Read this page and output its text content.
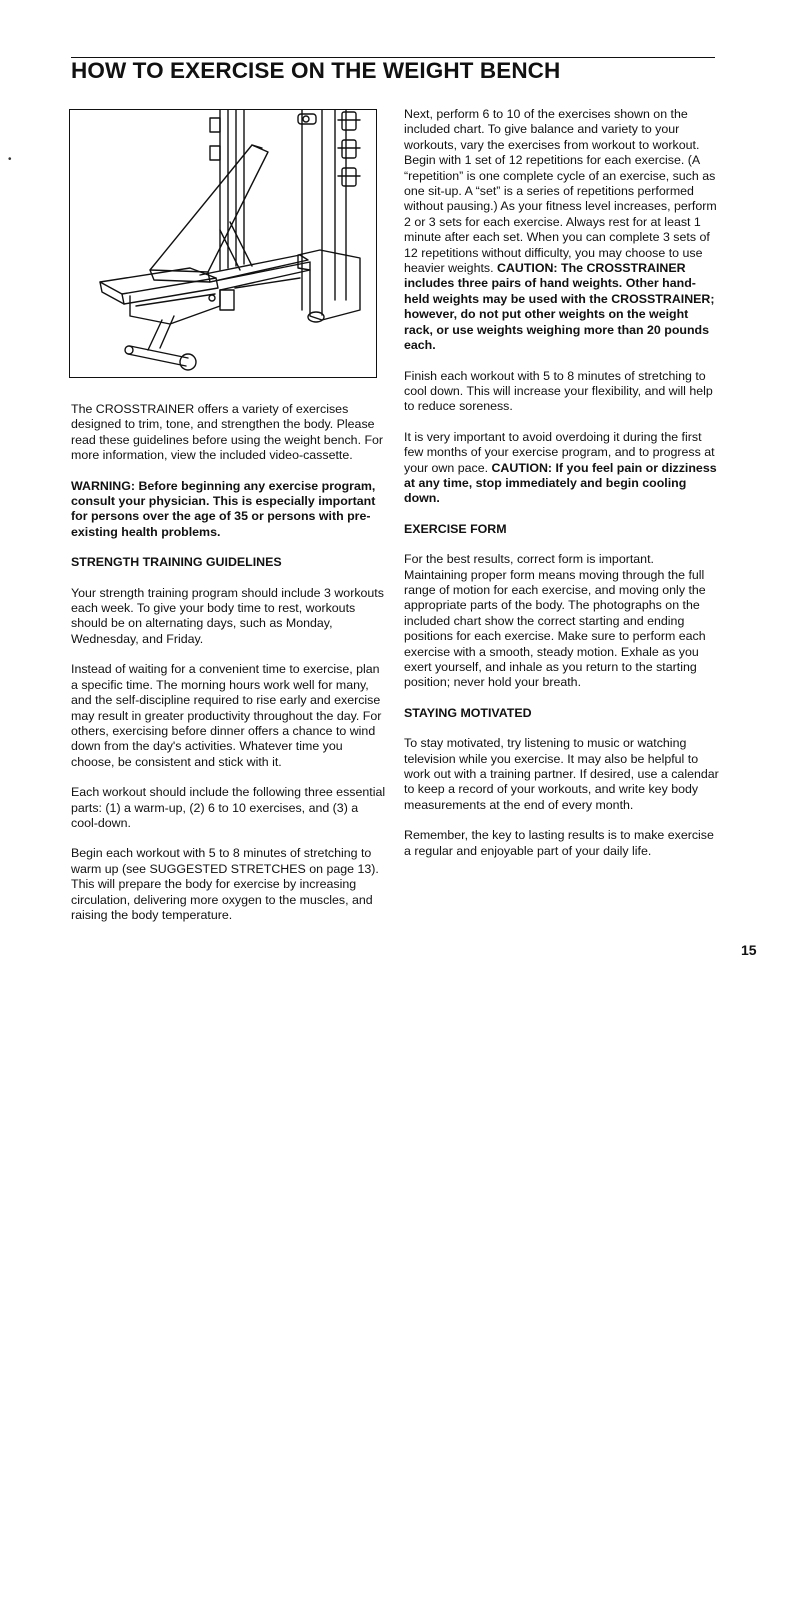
HOW TO EXERCISE ON THE WEIGHT BENCH

The CROSSTRAINER offers a variety of exercises designed to trim, tone, and strengthen the body. Please read these guidelines before using the weight bench. For more information, view the included video-cassette.

WARNING: Before beginning any exercise program, consult your physician. This is especially important for persons over the age of 35 or persons with pre-existing health problems.

STRENGTH TRAINING GUIDELINES

Your strength training program should include 3 workouts each week. To give your body time to rest, workouts should be on alternating days, such as Monday, Wednesday, and Friday.

Instead of waiting for a convenient time to exercise, plan a specific time. The morning hours work well for many, and the self-discipline required to rise early and exercise may result in greater productivity throughout the day. For others, exercising before dinner offers a chance to wind down from the day's activities. Whatever time you choose, be consistent and stick with it.

Each workout should include the following three essential parts: (1) a warm-up, (2) 6 to 10 exercises, and (3) a cool-down.

Begin each workout with 5 to 8 minutes of stretching to warm up (see SUGGESTED STRETCHES on page 13). This will prepare the body for exercise by increasing circulation, delivering more oxygen to the muscles, and raising the body temperature.

Next, perform 6 to 10 of the exercises shown on the included chart. To give balance and variety to your workouts, vary the exercises from workout to workout. Begin with 1 set of 12 repetitions for each exercise. (A “repetition” is one complete cycle of an exercise, such as one sit-up. A “set” is a series of repetitions performed without pausing.) As your fitness level increases, perform 2 or 3 sets for each exercise. Always rest for at least 1 minute after each set. When you can complete 3 sets of 12 repetitions without difficulty, you may choose to use heavier weights. CAUTION: The CROSSTRAINER includes three pairs of hand weights. Other hand-held weights may be used with the CROSSTRAINER; however, do not put other weights on the weight rack, or use weights weighing more than 20 pounds each.

Finish each workout with 5 to 8 minutes of stretching to cool down. This will increase your flexibility, and will help to reduce soreness.

It is very important to avoid overdoing it during the first few months of your exercise program, and to progress at your own pace. CAUTION: If you feel pain or dizziness at any time, stop immediately and begin cooling down.

EXERCISE FORM

For the best results, correct form is important. Maintaining proper form means moving through the full range of motion for each exercise, and moving only the appropriate parts of the body. The photographs on the included chart show the correct starting and ending positions for each exercise. Make sure to perform each exercise with a smooth, steady motion. Exhale as you exert yourself, and inhale as you return to the starting position; never hold your breath.

STAYING MOTIVATED

To stay motivated, try listening to music or watching television while you exercise. It may also be helpful to work out with a training partner. If desired, use a calendar to keep a record of your workouts, and write key body measurements at the end of every month.

Remember, the key to lasting results is to make exercise a regular and enjoyable part of your daily life.

•
15
